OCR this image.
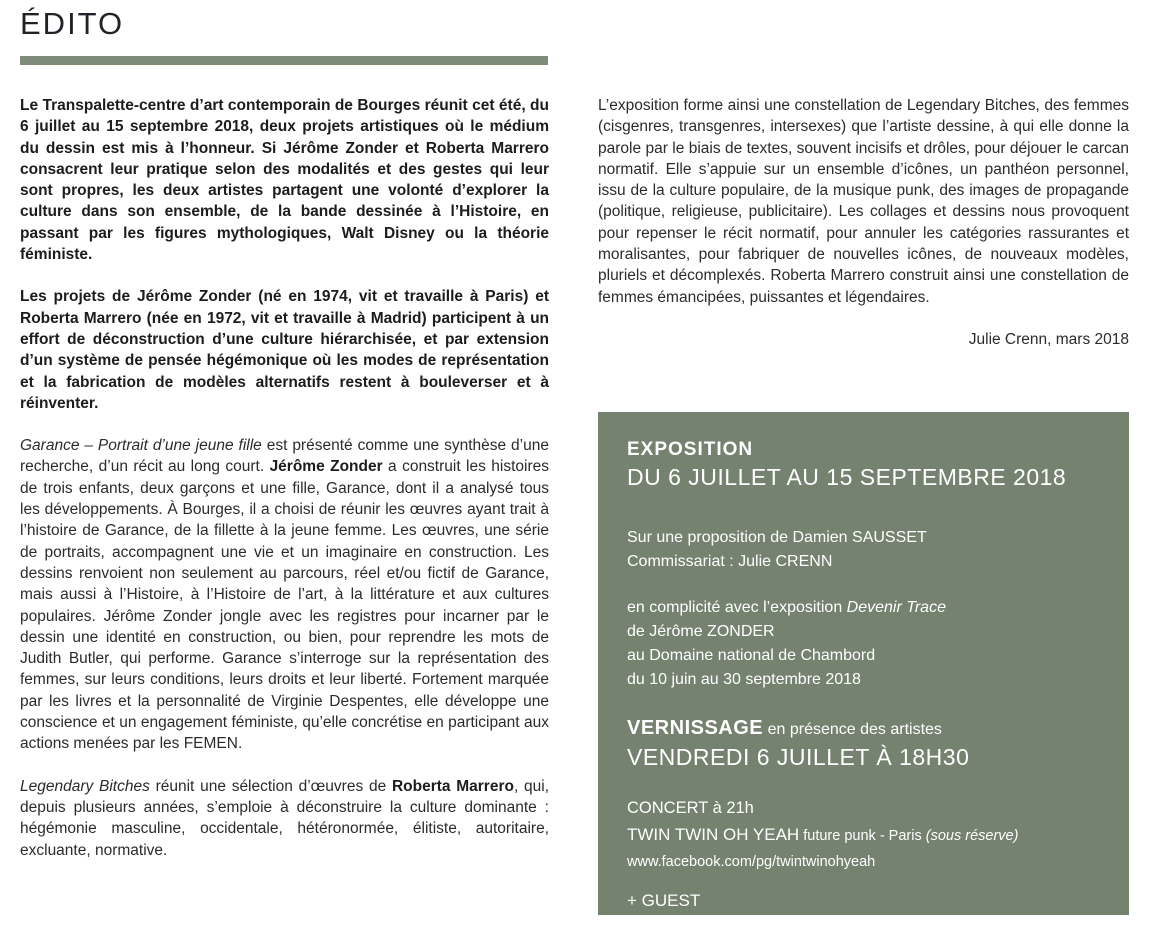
ÉDITO

Le Transpalette-centre d’art contemporain de Bourges réunit cet été, du 6 juillet au 15 septembre 2018, deux projets artistiques où le médium du dessin est mis à l’honneur. Si Jérôme Zonder et Roberta Marrero consacrent leur pratique selon des modalités et des gestes qui leur sont propres, les deux artistes partagent une volonté d’explorer la culture dans son ensemble, de la bande dessinée à l’Histoire, en passant par les figures mythologiques, Walt Disney ou la théorie féministe.

Les projets de Jérôme Zonder (né en 1974, vit et travaille à Paris) et Roberta Marrero (née en 1972, vit et travaille à Madrid) participent à un effort de déconstruction d’une culture hiérarchisée, et par extension d’un système de pensée hégémonique où les modes de représentation et la fabrication de modèles alternatifs restent à bouleverser et à réinventer.

Garance – Portrait d’une jeune fille est présenté comme une synthèse d’une recherche, d’un récit au long court. Jérôme Zonder a construit les histoires de trois enfants, deux garçons et une fille, Garance, dont il a analysé tous les développements. À Bourges, il a choisi de réunir les œuvres ayant trait à l’histoire de Garance, de la fillette à la jeune femme. Les œuvres, une série de portraits, accompagnent une vie et un imaginaire en construction. Les dessins renvoient non seulement au parcours, réel et/ou fictif de Garance, mais aussi à l’Histoire, à l’Histoire de l’art, à la littérature et aux cultures populaires. Jérôme Zonder jongle avec les registres pour incarner par le dessin une identité en construction, ou bien, pour reprendre les mots de Judith Butler, qui performe. Garance s’interroge sur la représentation des femmes, sur leurs conditions, leurs droits et leur liberté. Fortement marquée par les livres et la personnalité de Virginie Despentes, elle développe une conscience et un engagement féministe, qu’elle concrétise en participant aux actions menées par les FEMEN.

Legendary Bitches réunit une sélection d’œuvres de Roberta Marrero, qui, depuis plusieurs années, s’emploie à déconstruire la culture dominante : hégémonie masculine, occidentale, hétéronormée, élitiste, autoritaire, excluante, normative.

L’exposition forme ainsi une constellation de Legendary Bitches, des femmes (cisgenres, transgenres, intersexes) que l’artiste dessine, à qui elle donne la parole par le biais de textes, souvent incisifs et drôles, pour déjouer le carcan normatif. Elle s’appuie sur un ensemble d’icônes, un panthéon personnel, issu de la culture populaire, de la musique punk, des images de propagande (politique, religieuse, publicitaire). Les collages et dessins nous provoquent pour repenser le récit normatif, pour annuler les catégories rassurantes et moralisantes, pour fabriquer de nouvelles icônes, de nouveaux modèles, pluriels et décomplexés. Roberta Marrero construit ainsi une constellation de femmes émancipées, puissantes et légendaires.

Julie Crenn, mars 2018
EXPOSITION
DU 6 JUILLET AU 15 SEPTEMBRE 2018
Sur une proposition de Damien SAUSSET
Commissariat : Julie CRENN
en complicité avec l’exposition Devenir Trace
de Jérôme ZONDER
au Domaine national de Chambord
du 10 juin au 30 septembre 2018
VERNISSAGE en présence des artistes
VENDREDI 6 JUILLET À 18H30
CONCERT à 21h
TWIN TWIN OH YEAH future punk - Paris (sous réserve)
www.facebook.com/pg/twintwinohyeah
+ GUEST
